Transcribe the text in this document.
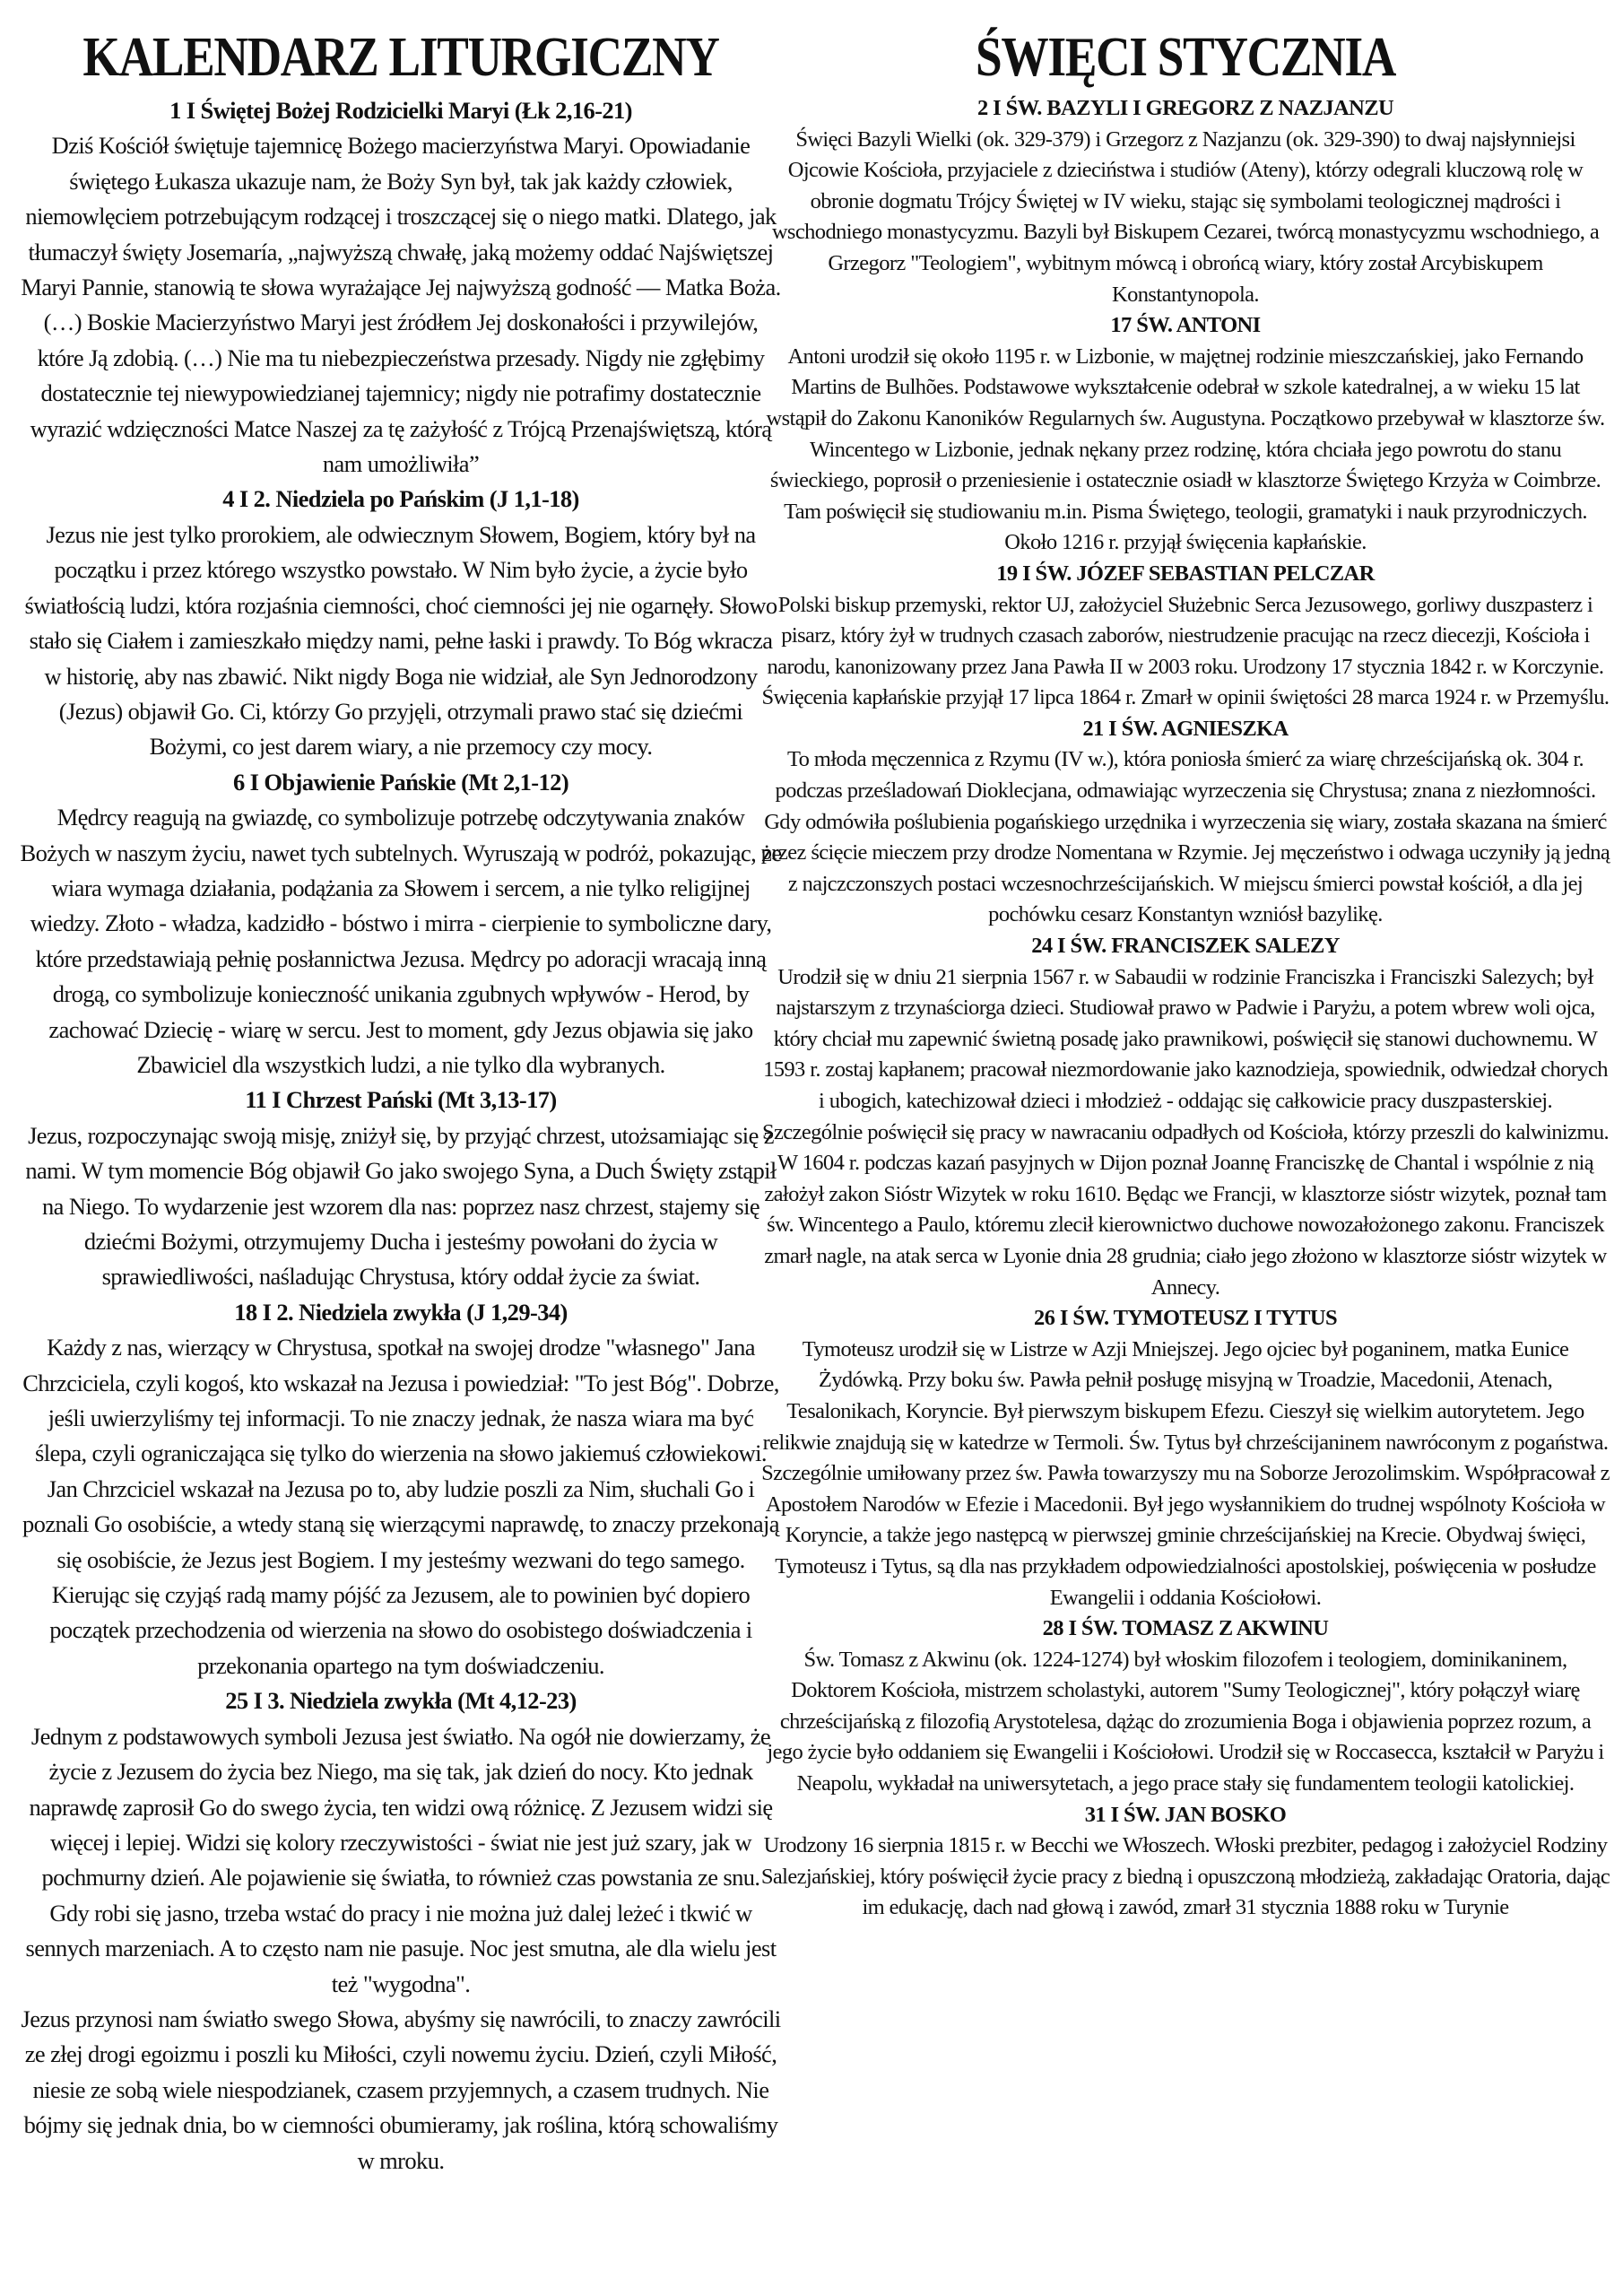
KALENDARZ LITURGICZNY

1 I Świętej Bożej Rodzicielki Maryi (Łk 2,16-21)

Dziś Kościół świętuje tajemnicę Bożego macierzyństwa Maryi. Opowiadanie świętego Łukasza ukazuje nam, że Boży Syn był, tak jak każdy człowiek, niemowlęciem potrzebującym rodzącej i troszczącej się o niego matki. Dlatego, jak tłumaczył święty Josemaría, „najwyższą chwałę, jaką możemy oddać Najświętszej Maryi Pannie, stanowią te słowa wyrażające Jej najwyższą godność — Matka Boża. (…) Boskie Macierzyństwo Maryi jest źródłem Jej doskonałości i przywilejów, które Ją zdobią. (…) Nie ma tu niebezpieczeństwa przesady. Nigdy nie zgłębimy dostatecznie tej niewypowiedzianej tajemnicy; nigdy nie potrafimy dostatecznie wyrazić wdzięczności Matce Naszej za tę zażyłość z Trójcą Przenajświętszą, którą nam umożliwiła”

4 I 2. Niedziela po Pańskim (J 1,1-18)

Jezus nie jest tylko prorokiem, ale odwiecznym Słowem, Bogiem, który był na początku i przez którego wszystko powstało. W Nim było życie, a życie było światłością ludzi, która rozjaśnia ciemności, choć ciemności jej nie ogarnęły. Słowo stało się Ciałem i zamieszkało między nami, pełne łaski i prawdy. To Bóg wkracza w historię, aby nas zbawić. Nikt nigdy Boga nie widział, ale Syn Jednorodzony (Jezus) objawił Go. Ci, którzy Go przyjęli, otrzymali prawo stać się dziećmi Bożymi, co jest darem wiary, a nie przemocy czy mocy.

6 I Objawienie Pańskie (Mt 2,1-12)

Mędrcy reagują na gwiazdę, co symbolizuje potrzebę odczytywania znaków Bożych w naszym życiu, nawet tych subtelnych. Wyruszają w podróż, pokazując, że wiara wymaga działania, podążania za Słowem i sercem, a nie tylko religijnej wiedzy. Złoto - władza, kadzidło - bóstwo i mirra - cierpienie to symboliczne dary, które przedstawiają pełnię posłannictwa Jezusa. Mędrcy po adoracji wracają inną drogą, co symbolizuje konieczność unikania zgubnych wpływów - Herod, by zachować Dziecię - wiarę w sercu. Jest to moment, gdy Jezus objawia się jako Zbawiciel dla wszystkich ludzi, a nie tylko dla wybranych.

11 I Chrzest Pański (Mt 3,13-17)

Jezus, rozpoczynając swoją misję, zniżył się, by przyjąć chrzest, utożsamiając się z nami. W tym momencie Bóg objawił Go jako swojego Syna, a Duch Święty zstąpił na Niego. To wydarzenie jest wzorem dla nas: poprzez nasz chrzest, stajemy się dziećmi Bożymi, otrzymujemy Ducha i jesteśmy powołani do życia w sprawiedliwości, naśladując Chrystusa, który oddał życie za świat.

18 I 2. Niedziela zwykła (J 1,29-34)

Każdy z nas, wierzący w Chrystusa, spotkał na swojej drodze "własnego" Jana Chrzciciela, czyli kogoś, kto wskazał na Jezusa i powiedział: "To jest Bóg". Dobrze, jeśli uwierzyliśmy tej informacji. To nie znaczy jednak, że nasza wiara ma być ślepa, czyli ograniczająca się tylko do wierzenia na słowo jakiemuś człowiekowi. Jan Chrzciciel wskazał na Jezusa po to, aby ludzie poszli za Nim, słuchali Go i poznali Go osobiście, a wtedy staną się wierzącymi naprawdę, to znaczy przekonają się osobiście, że Jezus jest Bogiem. I my jesteśmy wezwani do tego samego. Kierując się czyjąś radą mamy pójść za Jezusem, ale to powinien być dopiero początek przechodzenia od wierzenia na słowo do osobistego doświadczenia i przekonania opartego na tym doświadczeniu.

25 I 3. Niedziela zwykła (Mt 4,12-23)

Jednym z podstawowych symboli Jezusa jest światło. Na ogół nie dowierzamy, że życie z Jezusem do życia bez Niego, ma się tak, jak dzień do nocy. Kto jednak naprawdę zaprosił Go do swego życia, ten widzi ową różnicę. Z Jezusem widzi się więcej i lepiej. Widzi się kolory rzeczywistości - świat nie jest już szary, jak w pochmurny dzień. Ale pojawienie się światła, to również czas powstania ze snu. Gdy robi się jasno, trzeba wstać do pracy i nie można już dalej leżeć i tkwić w sennych marzeniach. A to często nam nie pasuje. Noc jest smutna, ale dla wielu jest też "wygodna".

Jezus przynosi nam światło swego Słowa, abyśmy się nawrócili, to znaczy zawrócili ze złej drogi egoizmu i poszli ku Miłości, czyli nowemu życiu. Dzień, czyli Miłość, niesie ze sobą wiele niespodzianek, czasem przyjemnych, a czasem trudnych. Nie bójmy się jednak dnia, bo w ciemności obumieramy, jak roślina, którą schowaliśmy w mroku.

ŚWIĘCI STYCZNIA

2 I ŚW. BAZYLI I GREGORZ Z NAZJANZU

Święci Bazyli Wielki (ok. 329-379) i Grzegorz z Nazjanzu (ok. 329-390) to dwaj najsłynniejsi Ojcowie Kościoła, przyjaciele z dzieciństwa i studiów (Ateny), którzy odegrali kluczową rolę w obronie dogmatu Trójcy Świętej w IV wieku, stając się symbolami teologicznej mądrości i wschodniego monastycyzmu. Bazyli był Biskupem Cezarei, twórcą monastycyzmu wschodniego, a Grzegorz "Teologiem", wybitnym mówcą i obrońcą wiary, który został Arcybiskupem Konstantynopola.

17 ŚW. ANTONI

Antoni urodził się około 1195 r. w Lizbonie, w majętnej rodzinie mieszczańskiej, jako Fernando Martins de Bulhões. Podstawowe wykształcenie odebrał w szkole katedralnej, a w wieku 15 lat wstąpił do Zakonu Kanoników Regularnych św. Augustyna. Początkowo przebywał w klasztorze św. Wincentego w Lizbonie, jednak nękany przez rodzinę, która chciała jego powrotu do stanu świeckiego, poprosił o przeniesienie i ostatecznie osiadł w klasztorze Świętego Krzyża w Coimbrze. Tam poświęcił się studiowaniu m.in. Pisma Świętego, teologii, gramatyki i nauk przyrodniczych. Około 1216 r. przyjął święcenia kapłańskie.

19 I ŚW. JÓZEF SEBASTIAN PELCZAR

Polski biskup przemyski, rektor UJ, założyciel Służebnic Serca Jezusowego, gorliwy duszpasterz i pisarz, który żył w trudnych czasach zaborów, niestrudzenie pracując na rzecz diecezji, Kościoła i narodu, kanonizowany przez Jana Pawła II w 2003 roku. Urodzony 17 stycznia 1842 r. w Korczynie. Święcenia kapłańskie przyjął 17 lipca 1864 r. Zmarł w opinii świętości 28 marca 1924 r. w Przemyślu.

21 I ŚW. AGNIESZKA

To młoda męczennica z Rzymu (IV w.), która poniosła śmierć za wiarę chrześcijańską ok. 304 r. podczas prześladowań Dioklecjana, odmawiając wyrzeczenia się Chrystusa; znana z niezłomności. Gdy odmówiła poślubienia pogańskiego urzędnika i wyrzeczenia się wiary, została skazana na śmierć przez ścięcie mieczem przy drodze Nomentana w Rzymie. Jej męczeństwo i odwaga uczyniły ją jedną z najczcz​onszych postaci wczesnochrześcijańskich. W miejscu śmierci powstał kościół, a dla jej pochówku cesarz Konstantyn wzniósł bazylikę.

24 I ŚW. FRANCISZEK SALEZY

Urodził się w dniu 21 sierpnia 1567 r. w Sabaudii w rodzinie Franciszka i Franciszki Salezych; był najstarszym z trzynaściorga dzieci. Studiował prawo w Padwie i Paryżu, a potem wbrew woli ojca, który chciał mu zapewnić świetną posadę jako prawnikowi, poświęcił się stanowi duchownemu. W 1593 r. zostaj kapłanem; pracował niezmordowanie jako kaznodzieja, spowiednik, odwiedzał chorych i ubogich, katechizował dzieci i młodzież - oddając się całkowicie pracy duszpasterskiej.

Szczególnie poświęcił się pracy w nawracaniu odpadłych od Kościoła, którzy przeszli do kalwinizmu. W 1604 r. podczas kazań pasyjnych w Dijon poznał Joannę Franciszkę de Chantal i wspólnie z nią założył zakon Sióstr Wizytek w roku 1610. Będąc we Francji, w klasztorze sióstr wizytek, poznał tam św. Wincentego a Paulo, któremu zlecił kierownictwo duchowe nowozałożonego zakonu. Franciszek zmarł nagle, na atak serca w Lyonie dnia 28 grudnia; ciało jego złożono w klasztorze sióstr wizytek w Annecy.

26 I ŚW. TYMOTEUSZ I TYTUS

Tymoteusz urodził się w Listrze w Azji Mniejszej. Jego ojciec był poganinem, matka Eunice Żydówką. Przy boku św. Pawła pełnił posługę misyjną w Troadzie, Macedonii, Atenach, Tesalonikach, Koryncie. Był pierwszym biskupem Efezu. Cieszył się wielkim autorytetem. Jego relikwie znajdują się w katedrze w Termoli. Św. Tytus był chrześcijaninem nawróconym z pogaństwa. Szczególnie umiłowany przez św. Pawła towarzyszy mu na Soborze Jerozolimskim. Współpracował z Apostołem Narodów w Efezie i Macedonii. Był jego wysłannikiem do trudnej wspólnoty Kościoła w Koryncie, a także jego następcą w pierwszej gminie chrześcijańskiej na Krecie. Obydwaj święci, Tymoteusz i Tytus, są dla nas przykładem odpowiedzialności apostolskiej, poświęcenia w posłudze Ewangelii i oddania Kościołowi.

28 I ŚW. TOMASZ Z AKWINU

Św. Tomasz z Akwinu (ok. 1224-1274) był włoskim filozofem i teologiem, dominikaninem, Doktorem Kościoła, mistrzem scholastyki, autorem "Sumy Teologicznej", który połączył wiarę chrześcijańską z filozofią Arystotelesa, dążąc do zrozumienia Boga i objawienia poprzez rozum, a jego życie było oddaniem się Ewangelii i Kościołowi. Urodził się w Roccasecca, kształcił w Paryżu i Neapolu, wykładał na uniwersytetach, a jego prace stały się fundamentem teologii katolickiej.

31 I ŚW. JAN BOSKO

Urodzony 16 sierpnia 1815 r. w Becchi we Włoszech. Włoski prezbiter, pedagog i założyciel Rodziny Salezjańskiej, który poświęcił życie pracy z biedną i opuszczoną młodzieżą, zakładając Oratoria, dając im edukację, dach nad głową i zawód, zmarł 31 stycznia 1888 roku w Turynie
